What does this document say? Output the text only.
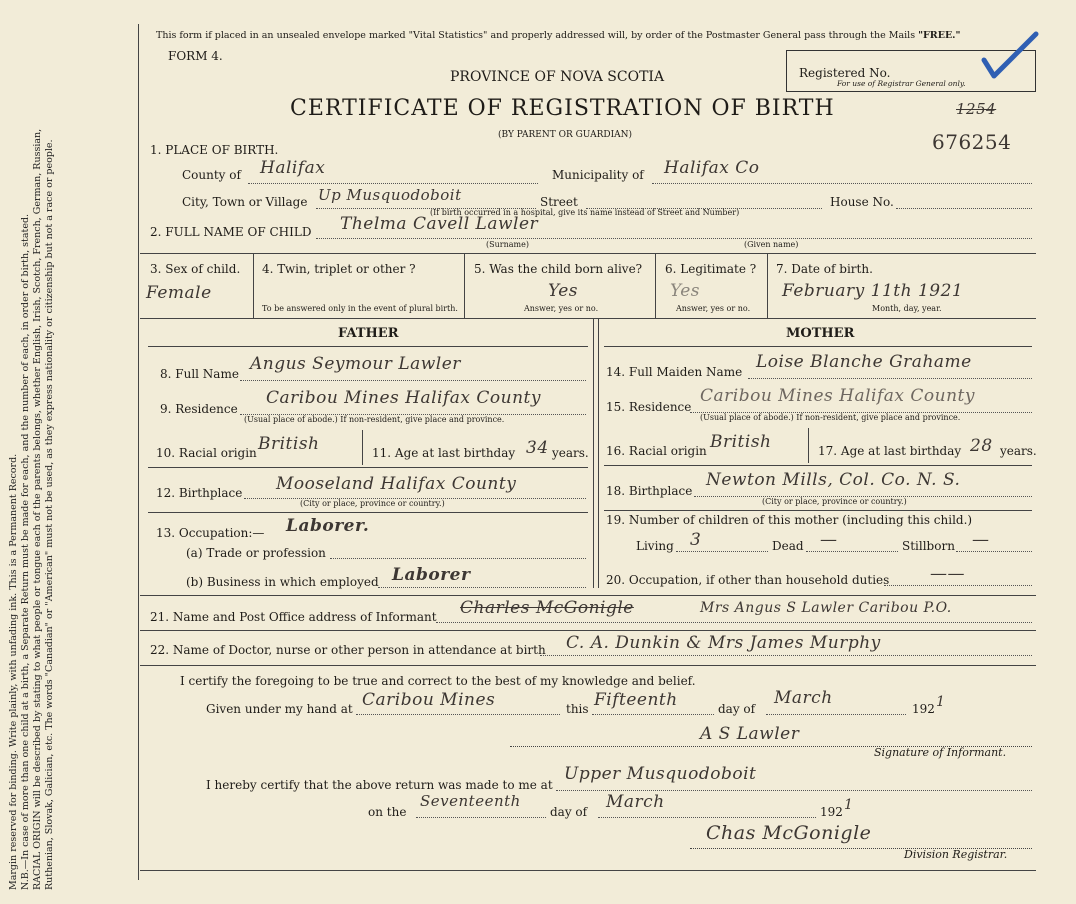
Margin reserved for binding. Write plainly, with unfading ink. This is a Permanent Record. N.B.—In case of more than one child at a birth, a Separate Return must be made for each, and the number of each, in order of birth, stated. RACIAL ORIGIN will be described by stating to what people or tongue each of the parents belongs, whether English, Irish, Scotch, French, German, Russian, Ruthenian, Slovak, Galician, etc. The words "Canadian" or "American" must not be used, as they express nationality or citizenship but not a race or people.
This form if placed in an unsealed envelope marked "Vital Statistics" and properly addressed will, by order of the Postmaster General pass through the Mails "FREE."
FORM 4.
PROVINCE OF NOVA SCOTIA
CERTIFICATE OF REGISTRATION OF BIRTH
(BY PARENT OR GUARDIAN)
Registered No.
For use of Registrar General only.
1254
676254
1. PLACE OF BIRTH.
County of Halifax	Municipality of Halifax Co
City, Town or Village Up Musquodoboit	Street	House No.
(If birth occurred in a hospital, give its name instead of Street and Number)
2. FULL NAME OF CHILD Thelma Cavell Lawler
(Surname)	(Given name)
3. Sex of child.
Female
4. Twin, triplet or other ?
To be answered only in the event of plural birth.
5. Was the child born alive?
Yes
Answer, yes or no.
6. Legitimate ?
Yes
Answer, yes or no.
7. Date of birth.
February 11th 1921
Month, day, year.
FATHER	MOTHER
8. Full Name Angus Seymour Lawler
9. Residence
Caribou Mines Halifax County
(Usual place of abode.) If non-resident, give place and province.
10. Racial origin British	11. Age at last birthday 34 years.
12. Birthplace Mooseland Halifax County
(City or place, province or country.)
13. Occupation:— Laborer.
(a) Trade or profession
(b) Business in which employed Laborer
14. Full Maiden Name Loise Blanche Grahame
15. Residence
Caribou Mines Halifax County
(Usual place of abode.) If non-resident, give place and province.
16. Racial origin British	17. Age at last birthday 28 years.
18. Birthplace
Newton Mills, Col. Co. N. S.
(City or place, province or country.)
19. Number of children of this mother (including this child.)
Living 3	Dead —	Stillborn —
20. Occupation, if other than household duties ——
21. Name and Post Office address of Informant Charles McGonigle	Mrs Angus S Lawler Caribou P.O.
22. Name of Doctor, nurse or other person in attendance at birth C. A. Dunkin & Mrs James Murphy
I certify the foregoing to be true and correct to the best of my knowledge and belief.
Given under my hand at Caribou Mines	this Fifteenth	day of
March
192 1
A S Lawler
Signature of Informant.
I hereby certify that the above return was made to me at
Upper Musquodoboit
on the
Seventeenth
day of March	192 1
Chas McGonigle
Division Registrar.
